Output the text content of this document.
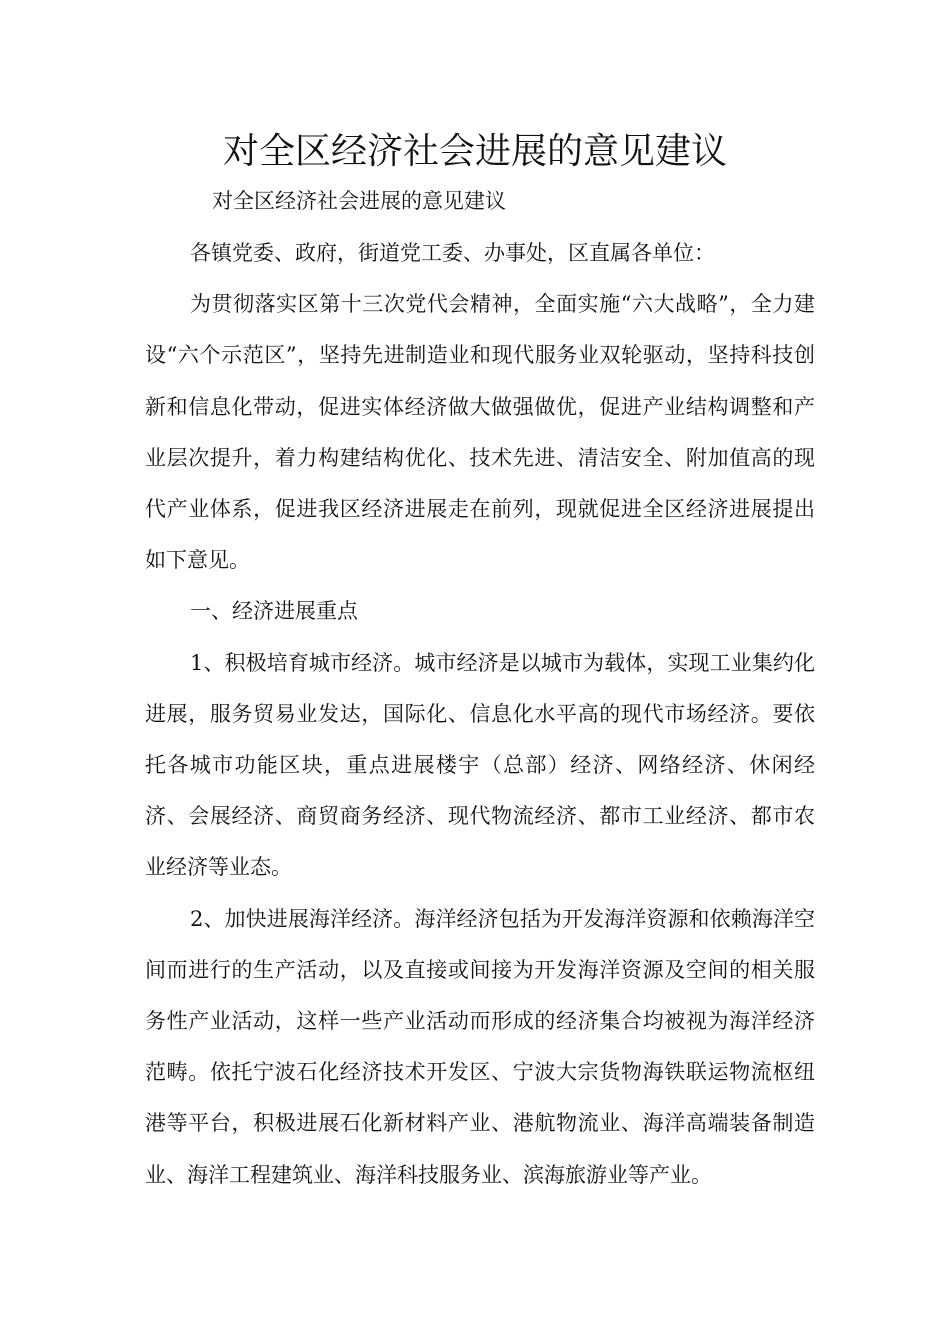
对全区经济社会进展的意见建议

对全区经济社会进展的意见建议

各镇党委、政府，街道党工委、办事处，区直属各单位：

为贯彻落实区第十三次党代会精神，全面实施“六大战略”，全力建设“六个示范区”，坚持先进制造业和现代服务业双轮驱动，坚持科技创新和信息化带动，促进实体经济做大做强做优，促进产业结构调整和产业层次提升，着力构建结构优化、技术先进、清洁安全、附加值高的现代产业体系，促进我区经济进展走在前列，现就促进全区经济进展提出如下意见。

一、经济进展重点

1、积极培育城市经济。城市经济是以城市为载体，实现工业集约化进展，服务贸易业发达，国际化、信息化水平高的现代市场经济。要依托各城市功能区块，重点进展楼宇（总部）经济、网络经济、休闲经济、会展经济、商贸商务经济、现代物流经济、都市工业经济、都市农业经济等业态。

2、加快进展海洋经济。海洋经济包括为开发海洋资源和依赖海洋空间而进行的生产活动，以及直接或间接为开发海洋资源及空间的相关服务性产业活动，这样一些产业活动而形成的经济集合均被视为海洋经济范畴。依托宁波石化经济技术开发区、宁波大宗货物海铁联运物流枢纽港等平台，积极进展石化新材料产业、港航物流业、海洋高端装备制造业、海洋工程建筑业、海洋科技服务业、滨海旅游业等产业。
